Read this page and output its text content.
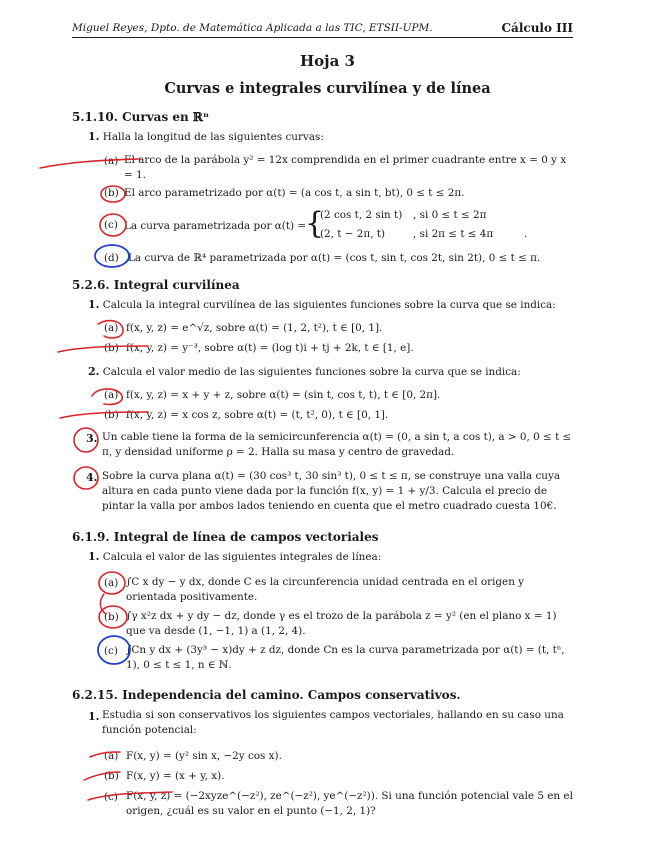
Miguel Reyes, Dpto. de Matemática Aplicada a las TIC, ETSII-UPM.	Cálculo III
Hoja 3
Curvas e integrales curvilínea y de línea
5.1.10. Curvas en ℝⁿ
1. Halla la longitud de las siguientes curvas:
(a) El arco de la parábola y² = 12x comprendida en el primer cuadrante entre x = 0 y x = 1.
(b) El arco parametrizado por α(t) = (a cos t, a sin t, bt), 0 ≤ t ≤ 2π.
(c) La curva parametrizada por α(t) =
{
(2 cos t, 2 sin t) , si 0 ≤ t ≤ 2π
(2, t − 2π, t)	, si 2π ≤ t ≤ 4π	.
(d) La curva de ℝ⁴ parametrizada por α(t) = (cos t, sin t, cos 2t, sin 2t), 0 ≤ t ≤ π.
5.2.6. Integral curvilínea
1. Calcula la integral curvilínea de las siguientes funciones sobre la curva que se indica:
(a) f(x, y, z) = e^√z, sobre α(t) = (1, 2, t²), t ∈ [0, 1].
(b) f(x, y, z) = y⁻³, sobre α(t) = (log t)i + tj + 2k, t ∈ [1, e].
2. Calcula el valor medio de las siguientes funciones sobre la curva que se indica:
(a) f(x, y, z) = x + y + z, sobre α(t) = (sin t, cos t, t), t ∈ [0, 2π].
(b) f(x, y, z) = x cos z, sobre α(t) = (t, t², 0), t ∈ [0, 1].
3. Un cable tiene la forma de la semicircunferencia α(t) = (0, a sin t, a cos t), a > 0, 0 ≤ t ≤ π, y densidad uniforme ρ = 2. Halla su masa y centro de gravedad.
4. Sobre la curva plana α(t) = (30 cos³ t, 30 sin³ t), 0 ≤ t ≤ π, se construye una valla cuya altura en cada punto viene dada por la función f(x, y) = 1 + y/3. Calcula el precio de pintar la valla por ambos lados teniendo en cuenta que el metro cuadrado cuesta 10€.
6.1.9. Integral de línea de campos vectoriales
1. Calcula el valor de las siguientes integrales de línea:
(a) ∫C x dy − y dx, donde C es la circunferencia unidad centrada en el origen y orientada positivamente.
(b) ∫γ x²z dx + y dy − dz, donde γ es el trozo de la parábola z = y² (en el plano x = 1) que va desde (1, −1, 1) a (1, 2, 4).
(c) ∫Cn y dx + (3y³ − x)dy + z dz, donde Cn es la curva parametrizada por α(t) = (t, tⁿ, 1), 0 ≤ t ≤ 1, n ∈ ℕ.
6.2.15. Independencia del camino. Campos conservativos.
1. Estudia si son conservativos los siguientes campos vectoriales, hallando en su caso una función potencial:
(a) F(x, y) = (y² sin x, −2y cos x).
(b) F(x, y) = (x + y, x).
(c) F(x, y, z) = (−2xyze^(−z²), ze^(−z²), ye^(−z²)). Si una función potencial vale 5 en el origen, ¿cuál es su valor en el punto (−1, 2, 1)?
